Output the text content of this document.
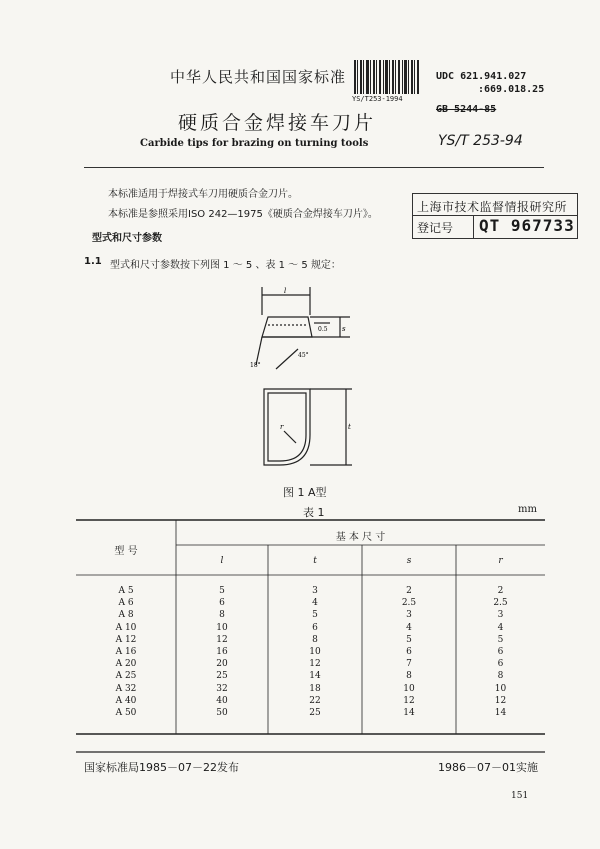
中华人民共和国国家标准
YS/T253-1994
UDC 621.941.027
:669.018.25
GB 5244-85
硬质合金焊接车刀片
Carbide tips for brazing on turning tools	YS/T 253-94
本标准适用于焊接式车刀用硬质合金刀片。
本标准是参照采用ISO 242—1975《硬质合金焊接车刀片》。
上海市技术监督情报研究所
登记号 QT 967733
型式和尺寸参数
1.1 型式和尺寸参数按下列图 1 ～ 5 、表 1 ～ 5 规定：
l
s
0.5
18°
45°
t
r
图 1 A型
表 1	mm
型 号
基 本 尺 寸
l	t	s	r
A 5	5	3	2	2
A 6	6	4	2.5	2.5
A 8	8	5	3	3
A 10	10	6	4	4
A 12	12	8	5	5
A 16	16	10	6	6
A 20	20	12	7	6
A 25	25	14	8	8
A 32	32	18	10	10
A 40	40	22	12	12
A 50	50	25	14	14
国家标准局1985－07－22发布	1986－07－01实施
151
